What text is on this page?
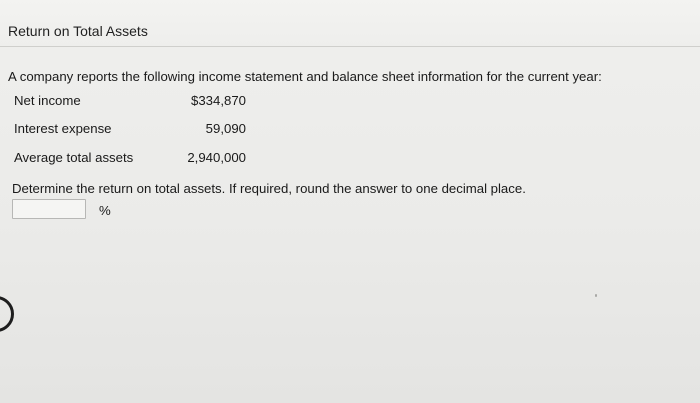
Return on Total Assets
A company reports the following income statement and balance sheet information for the current year:
Net income	$334,870
Interest expense	59,090
Average total assets	2,940,000
Determine the return on total assets. If required, round the answer to one decimal place.
%
